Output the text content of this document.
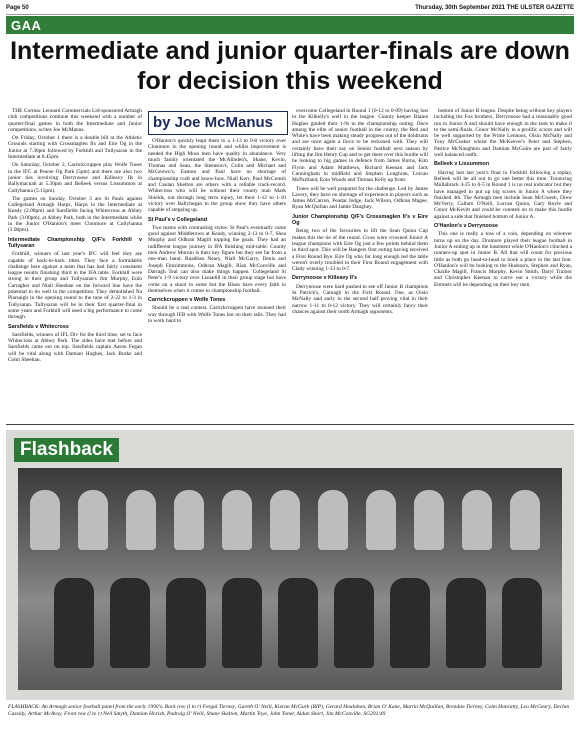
Page 50	Thursday, 30th September 2021 THE ULSTER GAZETTE
GAA
Intermediate and junior quarter-finals are down for decision this weekend

THE Cormac Leonard Commercials Ltd-sponsored Armagh club competitions continue this weekend with a number of quarter-final games in both the Intermediate and Junior competitions, writes Joe McManus.

On Friday, October 1 there is a double bill at the Athletic Grounds starting with Crossmaglen IIs and Eire Og in the Junior at 7.30pm followed by Forkhill and Tullysaran in the Intermediate at 8.45pm.

On Saturday, October 2, Carrickcruppen play Wolfe Tones in the IFC at Pearse Og Park (5pm) and there are also two junior ties involving Derrynoose and Killeavy IIs in Ballymacnab at 5.30pm and Belleek versus Lissummon at Cullyhanna (5.15pm).

The games on Sunday, October 3 are St Pauls against Collegeland Armagh Harps, Harps in the Intermediate at Keady (2.00pm) and Sarsfields facing Whitecross at Abbey Park (3.00pm), at Abbey Park, both in the Intermediate while in the Junior O'Hanlon's meet Clonmore at Cullyhanna (3.00pm).

Intermediate Championship Q/F's Forkhill v Tullysaran

Forkhill, winners of last year's IFC will feel they are capable of back-to-back titles. They face a formidable challenge here against a team that has had fairly consistent league results finishing third in the IFA table. Forkhill were strong in their group and Tullysaran's Jim Murphy, Eoin Carragher and Niall Sheehan on the forward line have the potential to do well in the competition. They demolished Na Piarsaigh in the opening round to the tune of 2-22 to 1-3 in Tullysaran. Tullysaran will be in their first quarter-final in some years and Forkhill will need a big performance to come through.

Sarsfields v Whitecross

Sarsfields, winners of IFL Div for the third time, set to face Whitecross at Abbey Park. The sides have met before and Sarsfields came out on top. Sarsfields captain Aaron Fegan will be vital along with Damian Hughes, Jack Burke and Colm Sheehan.

O'Hanlon's quickly leapt them to a 1-13 to 0-8 victory over Clonmore in the opening round and whilst improvement is needed the High Moss men have quality in abundance. Very much family orientated the McAlinden's, Shane, Kevin, Thomas and Sean, the Steenson's, Colin and Michael and McGeown's, Eamon and Paul have no shortage of championship craft and know-how. Niall Kerr, Paul McCreesh and Caolan Shelton are others with a reliable track-record. Whitecross who will be without their county man Mark Shields, out through long term injury, let their 1-12 to 1-10 victory over Ballyhegan in the group show they have others capable of stepping up.

St Paul's v Collegeland

Two teams with contrasting styles. St Paul's eventually came good against Middletown at Keady, winning 2-13 to 0-7, Shea Murphy and Odhran Magill topping the goals. They had an indifferent league journey in IFA finishing mid-table. County men Andrew Murnin is their key figure but they see far from a one-man band. Ruadhan Neary, Niall McGarry, Denis and Joseph Fitzsimmons, Odhran Magill, Rian McConville and Darragh Teal can also make things happen. Collegeland St Peter's 1-9 victory over Lisnadill in their group stage but have come on a shoot to some but the Blues have every faith in themselves when it comes to championship football.

Carrickcruppen v Wolfe Tones

Should be a real contest. Carrickcruppen have stunned their way through IFB with Wolfe Tones hot on their tails. They had to work hard to

overcome Collegeland in Round 1 (0-12 to 0-09) having lost to the Kilkelly's well in the league. County keeper Blaine Hughes guided their 1-9s in the championship outing. Once among the elite of senior football in the county, the Red and White's have been making steady progress out of the doldrums and are once again a force to be reckoned with. They will certainly have their say on Senior football next season by lifting the Jim Henry Cup and to get there over this hurdle will be looking to big games in defence from James Burns, Kim Flynn and Adam Matthews, Richard Keenan and Jack Cunningham in midfield and Stephen Loughran, Lorcan McPartland, Eoin Woods and Tiernan Kelly up front.

Tones will be well prepared for the challenge. Led by James Lavery, they have no shortage of experience in players such as James McCarron, Peadar Judge, Jack Wilson, Odhran Magee, Ryan McQuillan and Jamie Daughey.

Junior Championship Q/F's Crossmaglen II's v Eire Og

Being two of the favourites to lift the Sean Quinn Cup makes this the tie of the round. Cross were crowned Junior A league champions with Eire Og just a few points behind them in third spot. This will be Rangers first outing having received a First Round Bye. Eire Og who for long enough led the table weren't overly troubled in their First Round engagement with Clady winning 1-13 to 0-7.

Derrynoose v Killeavy II's

Derrynoose were hard pushed to see off Junior B champions St Patrick's, Carnagh in the First Round. One, as Oisin McNally said early in the second half proving vital in their narrow 1-11 to 0-12 victory. They will certainly fancy their chances against their north Armagh opponents.

bottom of Junior B league. Despite being without key players including the Fox brothers, Derrynoose had a reasonably good run in Junior A and should have enough in the tank to make it to the semi-finals. Conor McNally in a prolific scorer and will be well supported by the Prime Lennons, Oisin McNally and Tony McCusker whilst the McKeever's Peter and Stephen, Patrice McNaughton and Damian McGuire are part of fairly well balanced outfit.

Belleek v Lissummon

Having lost last year's final to Forkhill following a replay, Belleek will be all out to go one better this time. Trouncing Mullabrack 4-25 to 0-5 in Round 1 is no real indicator but they have managed to put up big scores in Junior A where they finished 4th. The Armagh men include Sean McCreesh, Drew McVerry, Callum O'Neill, Lorcan Quinn, Gary Boyle and Conor McKevitt and could be counted on to make this hurdle against a side that finished bottom of Junior A.

O'Hanlon's v Derrynoose

This one is really a toss of a coin, depending on whoever turns up on the day. Dromore played their league football in Junior A ending up in the basement while O'Hanlon's clinched a runners-up spot in Junior B. All that will count for precious little as both go head-to-head to book a place in the last four. O'Hanlon's will be looking to the Hudson's, Stephen and Ryan, Charlie Magill, Francis Murphy, Kevin Smith, Daryl Trainor and Christopher Keenan to carve out a victory while the Emmets will be depending on their key men.

by Joe McManus
Flashback
FLASHBACK: An Armagh senior football panel from the early 1990's. Back row (l to r) Fergal Tierney, Gareth O' Neill, Kieran McGurk (RIP), Gerard Houlahan, Brian O' Kane, Martin McQuillan, Brendan Tierney, Colm Hanratty, Leo McGeary, Declan Cassidy, Arthur McAvoy. Front row (l to r) Neil Smyth, Damian Horish, Padraig O' Neill, Shane Skelton, Martin Toye, John Toner, Aidan Short, Jim McConville. SG291/49
